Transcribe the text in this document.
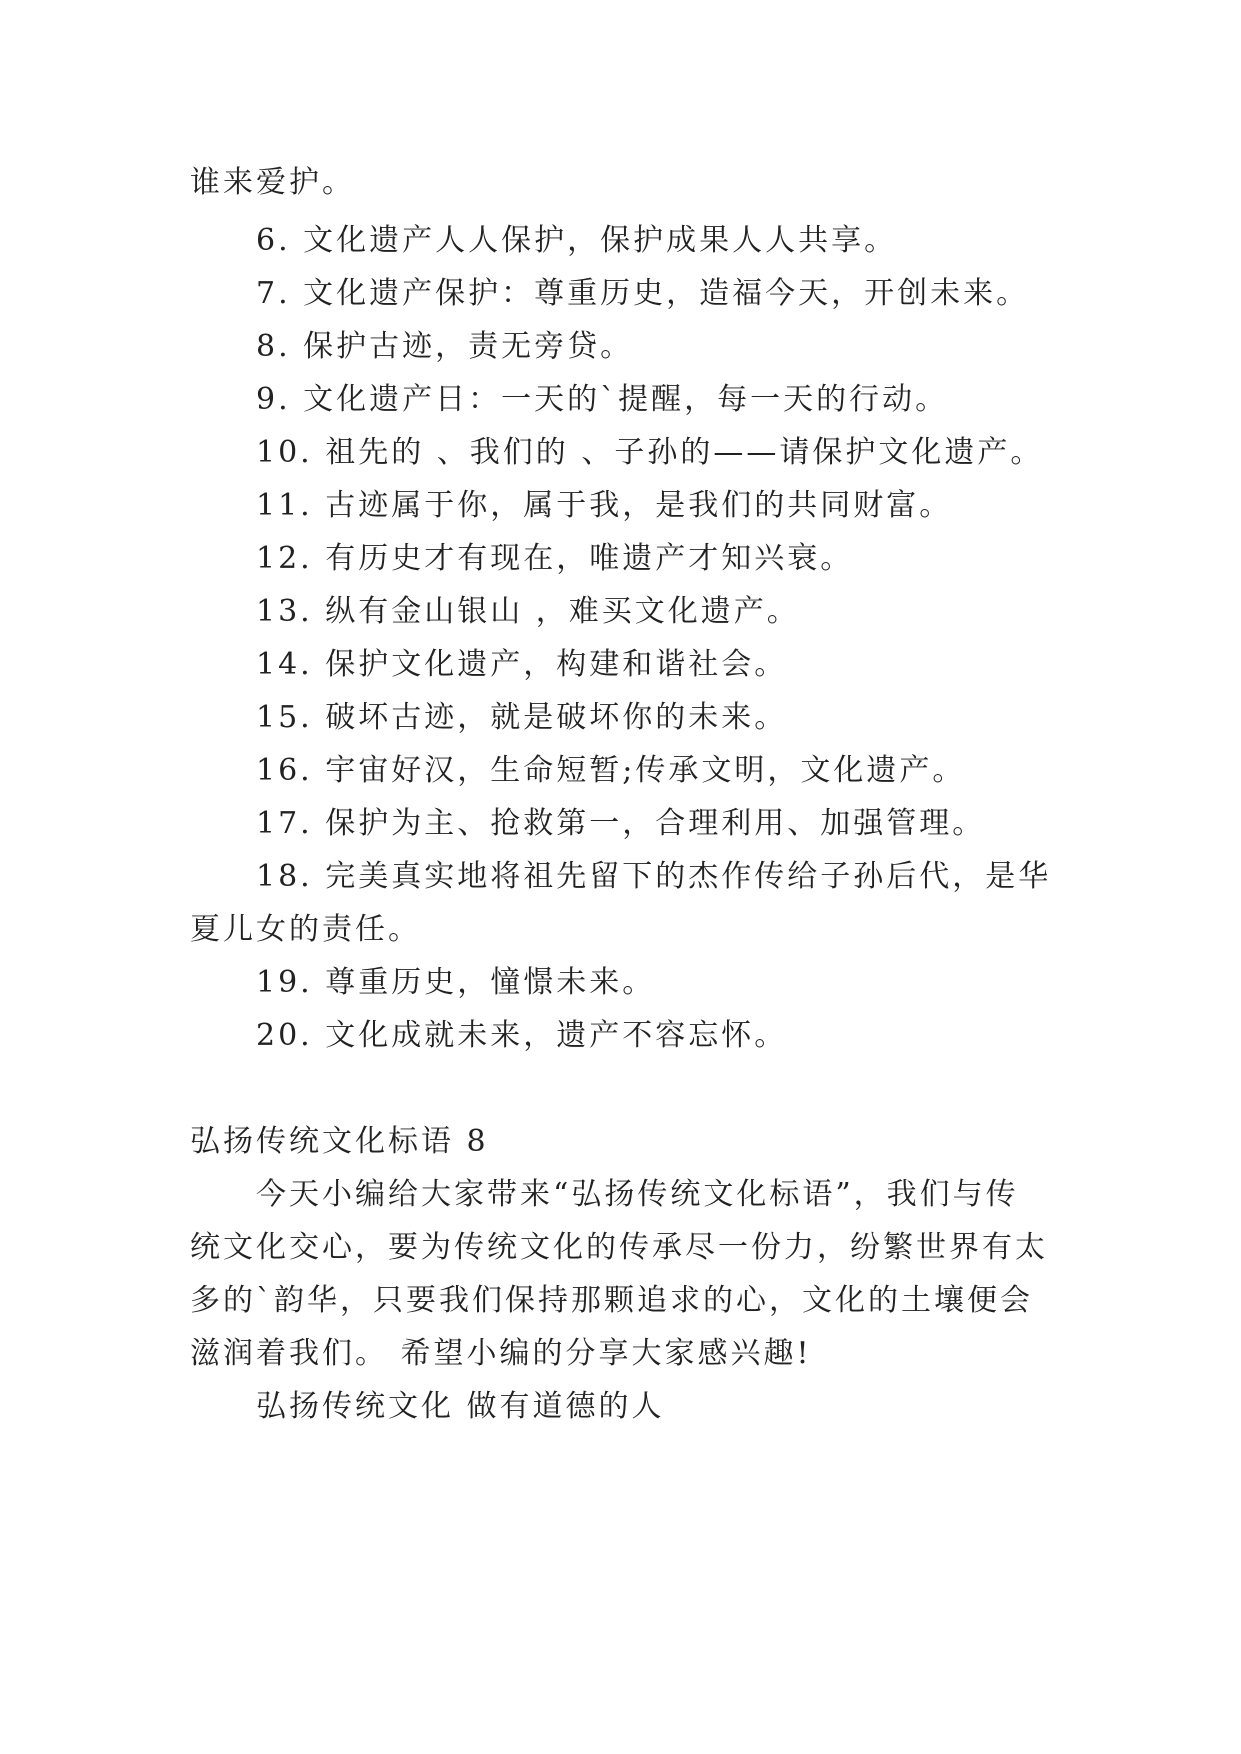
谁来爱护。
6. 文化遗产人人保护，保护成果人人共享。
7. 文化遗产保护：尊重历史，造福今天，开创未来。
8. 保护古迹，责无旁贷。
9. 文化遗产日：一天的`提醒，每一天的行动。
10. 祖先的 、我们的 、子孙的——请保护文化遗产。
11. 古迹属于你，属于我，是我们的共同财富。
12. 有历史才有现在，唯遗产才知兴衰。
13. 纵有金山银山 ，难买文化遗产。
14. 保护文化遗产，构建和谐社会。
15. 破坏古迹，就是破坏你的未来。
16. 宇宙好汉，生命短暂;传承文明，文化遗产。
17. 保护为主、抢救第一，合理利用、加强管理。
18. 完美真实地将祖先留下的杰作传给子孙后代，是华
夏儿女的责任。
19. 尊重历史，憧憬未来。
20. 文化成就未来，遗产不容忘怀。
弘扬传统文化标语 8
今天小编给大家带来“弘扬传统文化标语”，我们与传
统文化交心，要为传统文化的传承尽一份力，纷繁世界有太
多的`韵华，只要我们保持那颗追求的心，文化的土壤便会
滋润着我们。 希望小编的分享大家感兴趣!
弘扬传统文化 做有道德的人
